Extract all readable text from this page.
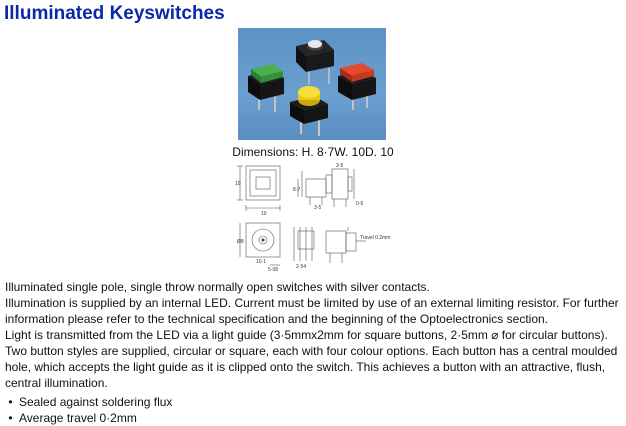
Illuminated Keyswitches
Dimensions: H. 8·7W. 10D. 10
10
10
8·7
3·5
Ø8
5·08	2·54
3·5
10·1
0·6
Travel 0.2mm

Illuminated single pole, single throw normally open switches with silver contacts.

Illumination is supplied by an internal LED. Current must be limited by use of an external limiting resistor. For further information please refer to the technical specification and the beginning of the Optoelectronics section.

Light is transmitted from the LED via a light guide (3·5mmx2mm for square buttons, 2·5mm ⌀ for circular buttons).

Two button styles are supplied, circular or square, each with four colour options. Each button has a central moulded hole, which accepts the light guide as it is clipped onto the switch. This achieves a button with an attractive, flush, central illumination.

• Sealed against soldering flux
• Average travel 0·2mm
